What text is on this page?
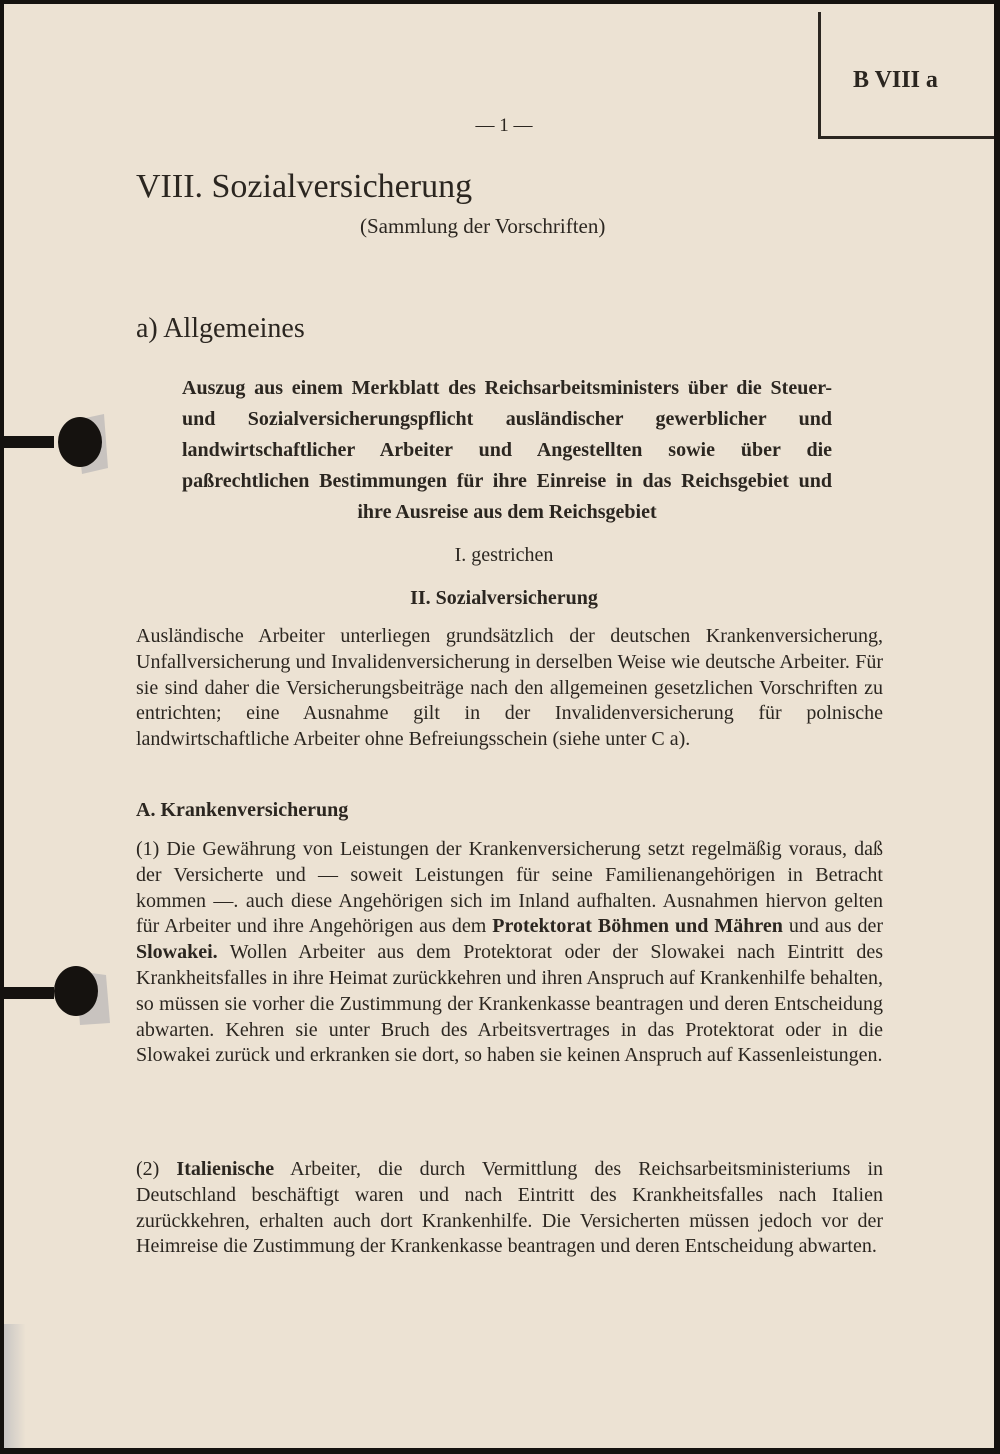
B VIII a
— 1 —
VIII. Sozialversicherung
(Sammlung der Vorschriften)
a) Allgemeines
Auszug aus einem Merkblatt des Reichsarbeitsministers über die Steuer- und Sozialversicherungspflicht ausländischer gewerblicher und landwirtschaftlicher Arbeiter und Angestellten sowie über die paßrechtlichen Bestimmungen für ihre Einreise in das Reichsgebiet und ihre Ausreise aus dem Reichsgebiet
I. gestrichen
II. Sozialversicherung
Ausländische Arbeiter unterliegen grundsätzlich der deutschen Krankenversicherung, Unfallversicherung und Invalidenversicherung in derselben Weise wie deutsche Arbeiter. Für sie sind daher die Versicherungsbeiträge nach den allgemeinen gesetzlichen Vorschriften zu entrichten; eine Ausnahme gilt in der Invalidenversicherung für polnische landwirtschaftliche Arbeiter ohne Befreiungsschein (siehe unter C a).
A. Krankenversicherung
(1) Die Gewährung von Leistungen der Krankenversicherung setzt regelmäßig voraus, daß der Versicherte und — soweit Leistungen für seine Familienangehörigen in Betracht kommen —. auch diese Angehörigen sich im Inland aufhalten. Ausnahmen hiervon gelten für Arbeiter und ihre Angehörigen aus dem Protektorat Böhmen und Mähren und aus der Slowakei. Wollen Arbeiter aus dem Protektorat oder der Slowakei nach Eintritt des Krankheitsfalles in ihre Heimat zurückkehren und ihren Anspruch auf Krankenhilfe behalten, so müssen sie vorher die Zustimmung der Krankenkasse beantragen und deren Entscheidung abwarten. Kehren sie unter Bruch des Arbeitsvertrages in das Protektorat oder in die Slowakei zurück und erkranken sie dort, so haben sie keinen Anspruch auf Kassenleistungen.
(2) Italienische Arbeiter, die durch Vermittlung des Reichsarbeitsministeriums in Deutschland beschäftigt waren und nach Eintritt des Krankheitsfalles nach Italien zurückkehren, erhalten auch dort Krankenhilfe. Die Versicherten müssen jedoch vor der Heimreise die Zustimmung der Krankenkasse beantragen und deren Entscheidung abwarten.
